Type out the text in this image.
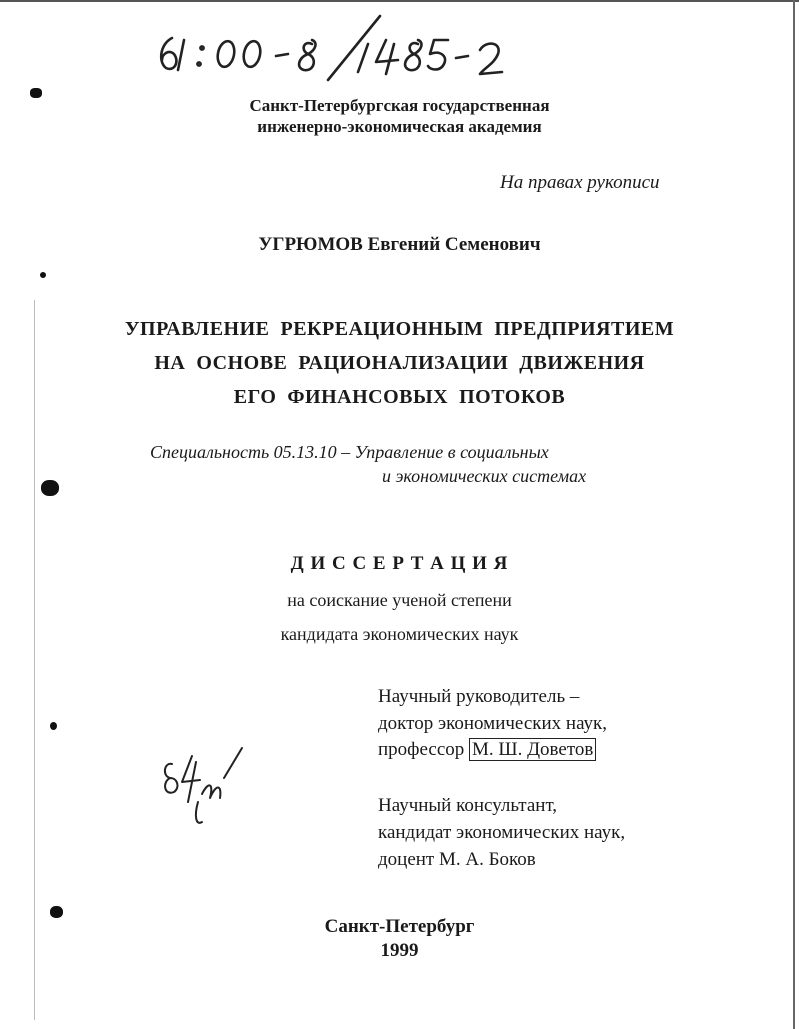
Санкт-Петербургская государственная
инженерно-экономическая академия
На правах рукописи
УГРЮМОВ Евгений Семенович
УПРАВЛЕНИЕ  РЕКРЕАЦИОННЫМ  ПРЕДПРИЯТИЕМ
НА  ОСНОВЕ  РАЦИОНАЛИЗАЦИИ  ДВИЖЕНИЯ
ЕГО  ФИНАНСОВЫХ  ПОТОКОВ
Специальность 05.13.10 – Управление в социальных
и экономических системах
Д И С С Е Р Т А Ц И Я
на соискание ученой степени
кандидата экономических наук
Научный руководитель –
доктор экономических наук,
профессор М. Ш. Доветов
Научный консультант,
кандидат экономических наук,
доцент М. А. Боков
Санкт-Петербург
1999
